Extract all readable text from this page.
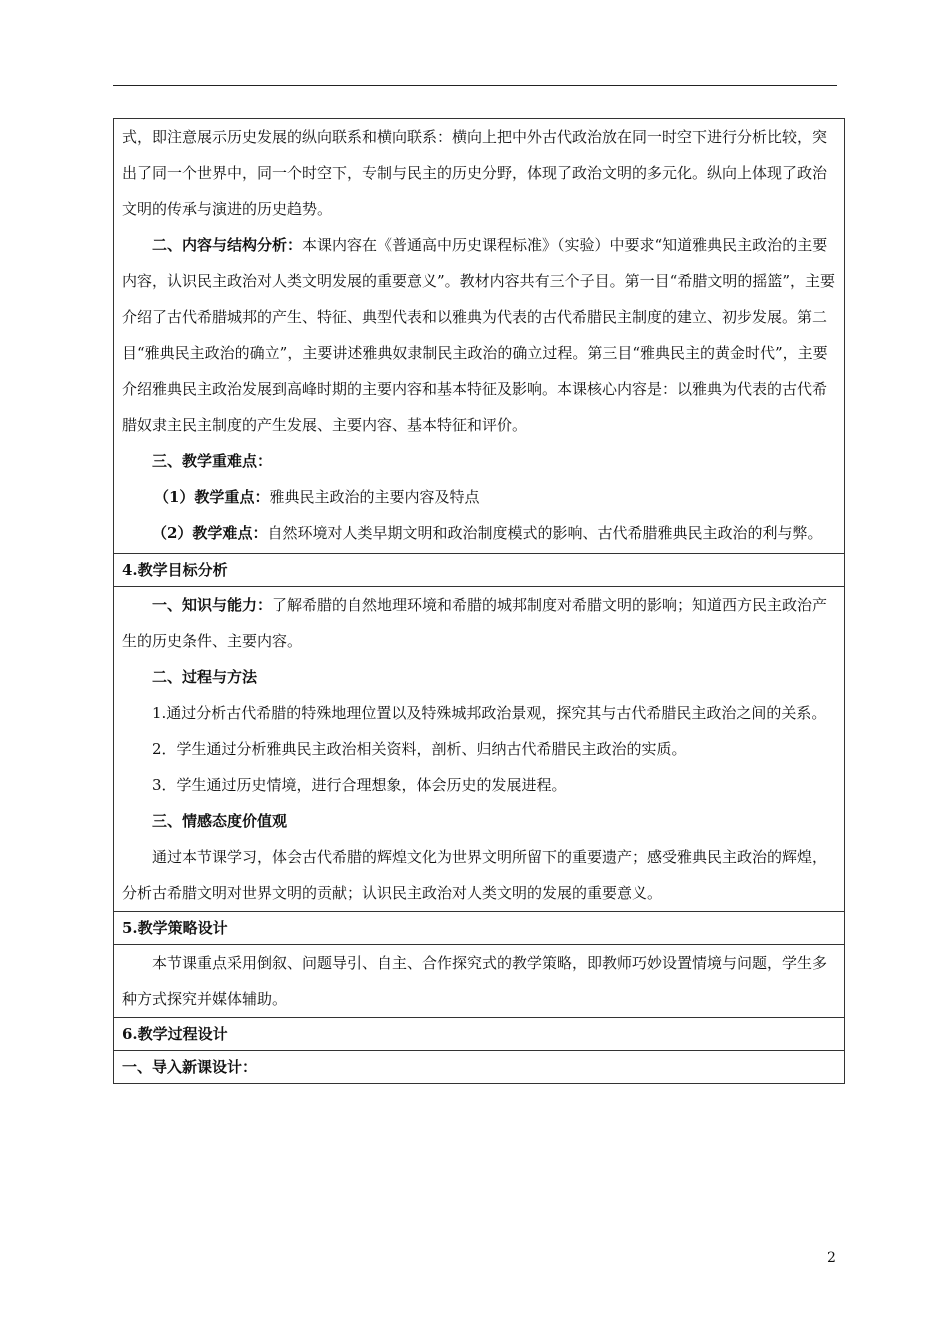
式，即注意展示历史发展的纵向联系和横向联系：横向上把中外古代政治放在同一时空下进行分析比较，突出了同一个世界中，同一个时空下，专制与民主的历史分野，体现了政治文明的多元化。纵向上体现了政治文明的传承与演进的历史趋势。

二、内容与结构分析：本课内容在《普通高中历史课程标准》（实验）中要求“知道雅典民主政治的主要内容，认识民主政治对人类文明发展的重要意义”。教材内容共有三个子目。第一目“希腊文明的摇篮”，主要介绍了古代希腊城邦的产生、特征、典型代表和以雅典为代表的古代希腊民主制度的建立、初步发展。第二目“雅典民主政治的确立”，主要讲述雅典奴隶制民主政治的确立过程。第三目“雅典民主的黄金时代”，主要介绍雅典民主政治发展到高峰时期的主要内容和基本特征及影响。本课核心内容是：以雅典为代表的古代希腊奴隶主民主制度的产生发展、主要内容、基本特征和评价。

三、教学重难点：

（1）教学重点：雅典民主政治的主要内容及特点

（2）教学难点：自然环境对人类早期文明和政治制度模式的影响、古代希腊雅典民主政治的利与弊。

4.教学目标分析

一、知识与能力：了解希腊的自然地理环境和希腊的城邦制度对希腊文明的影响；知道西方民主政治产生的历史条件、主要内容。

二、过程与方法

1.通过分析古代希腊的特殊地理位置以及特殊城邦政治景观，探究其与古代希腊民主政治之间的关系。

2．学生通过分析雅典民主政治相关资料，剖析、归纳古代希腊民主政治的实质。

3．学生通过历史情境，进行合理想象，体会历史的发展进程。

三、情感态度价值观

通过本节课学习，体会古代希腊的辉煌文化为世界文明所留下的重要遗产；感受雅典民主政治的辉煌，分析古希腊文明对世界文明的贡献；认识民主政治对人类文明的发展的重要意义。

5.教学策略设计

本节课重点采用倒叙、问题导引、自主、合作探究式的教学策略，即教师巧妙设置情境与问题，学生多种方式探究并媒体辅助。

6.教学过程设计
一、导入新课设计：
2
